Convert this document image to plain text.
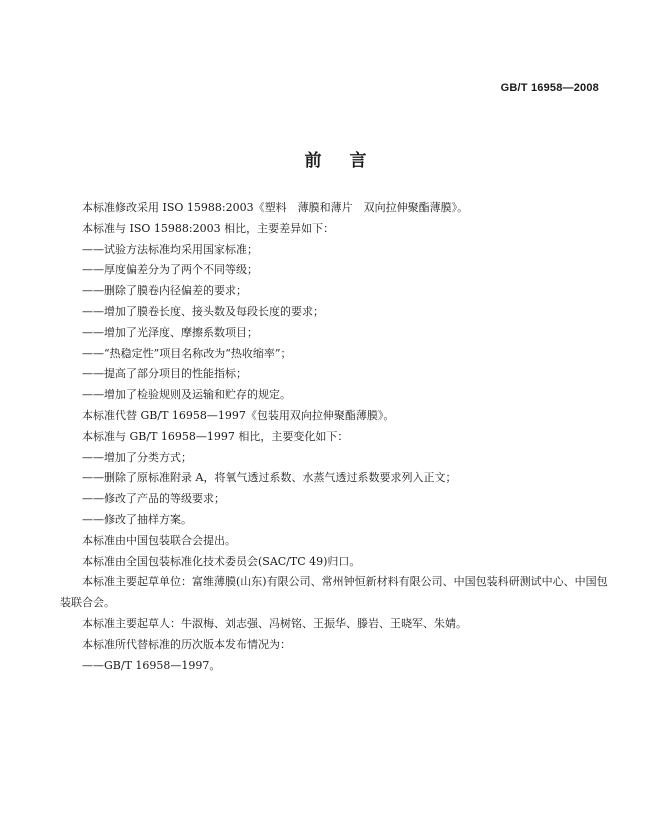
GB/T 16958—2008
前言
本标准修改采用 ISO 15988:2003《塑料　薄膜和薄片　双向拉伸聚酯薄膜》。
本标准与 ISO 15988:2003 相比，主要差异如下：
——试验方法标准均采用国家标准；
——厚度偏差分为了两个不同等级；
——删除了膜卷内径偏差的要求；
——增加了膜卷长度、接头数及每段长度的要求；
——增加了光泽度、摩擦系数项目；
——“热稳定性”项目名称改为“热收缩率”；
——提高了部分项目的性能指标；
——增加了检验规则及运输和贮存的规定。
本标准代替 GB/T 16958—1997《包装用双向拉伸聚酯薄膜》。
本标准与 GB/T 16958—1997 相比，主要变化如下：
——增加了分类方式；
——删除了原标准附录 A，将氧气透过系数、水蒸气透过系数要求列入正文；
——修改了产品的等级要求；
——修改了抽样方案。
本标准由中国包装联合会提出。
本标准由全国包装标准化技术委员会(SAC/TC 49)归口。
本标准主要起草单位：富维薄膜(山东)有限公司、常州钟恒新材料有限公司、中国包装科研测试中心、中国包装联合会。
本标准主要起草人：牛淑梅、刘志强、冯树铭、王振华、滕岩、王晓军、朱婧。
本标准所代替标准的历次版本发布情况为：
——GB/T 16958—1997。
